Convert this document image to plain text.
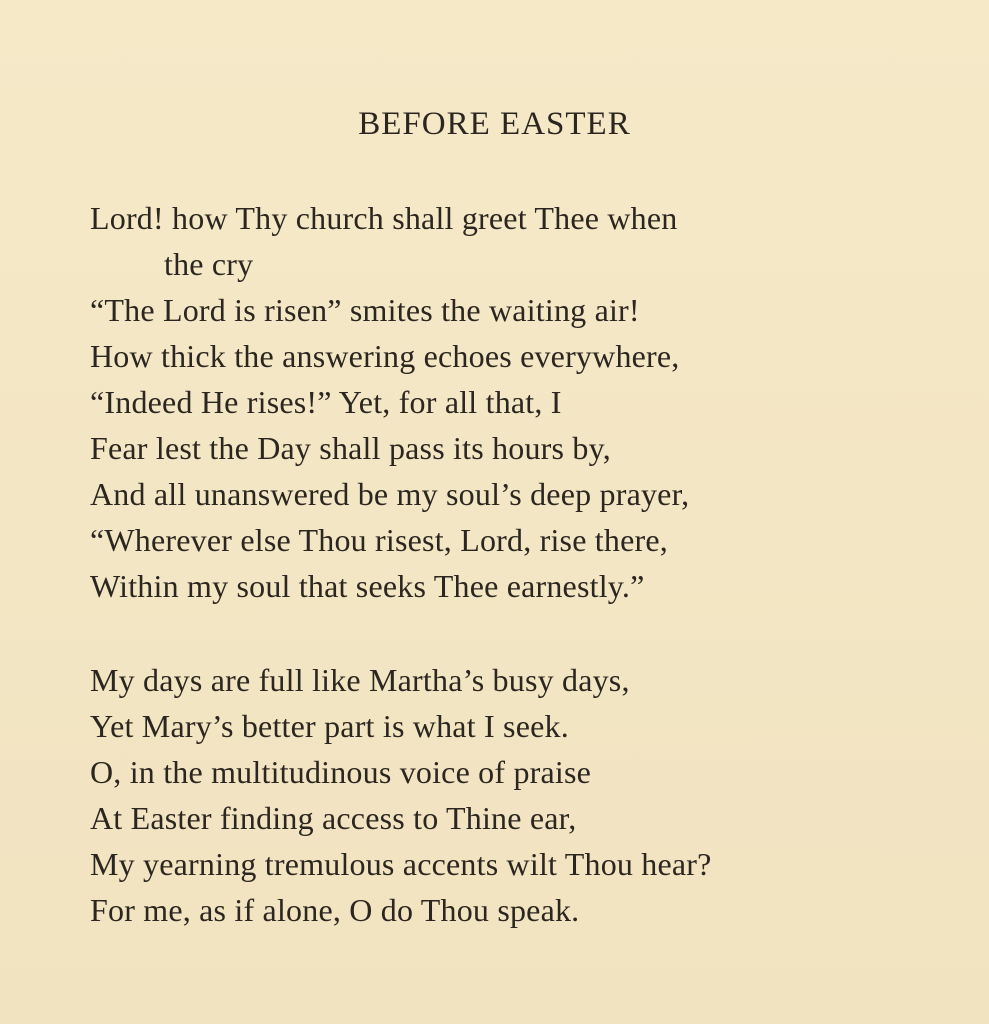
BEFORE EASTER
Lord! how Thy church shall greet Thee when
the cry
“The Lord is risen” smites the waiting air!
How thick the answering echoes everywhere,
“Indeed He rises!” Yet, for all that, I
Fear lest the Day shall pass its hours by,
And all unanswered be my soul’s deep prayer,
“Wherever else Thou risest, Lord, rise there,
Within my soul that seeks Thee earnestly.”
My days are full like Martha’s busy days,
Yet Mary’s better part is what I seek.
O, in the multitudinous voice of praise
At Easter finding access to Thine ear,
My yearning tremulous accents wilt Thou hear?
For me, as if alone, O do Thou speak.
